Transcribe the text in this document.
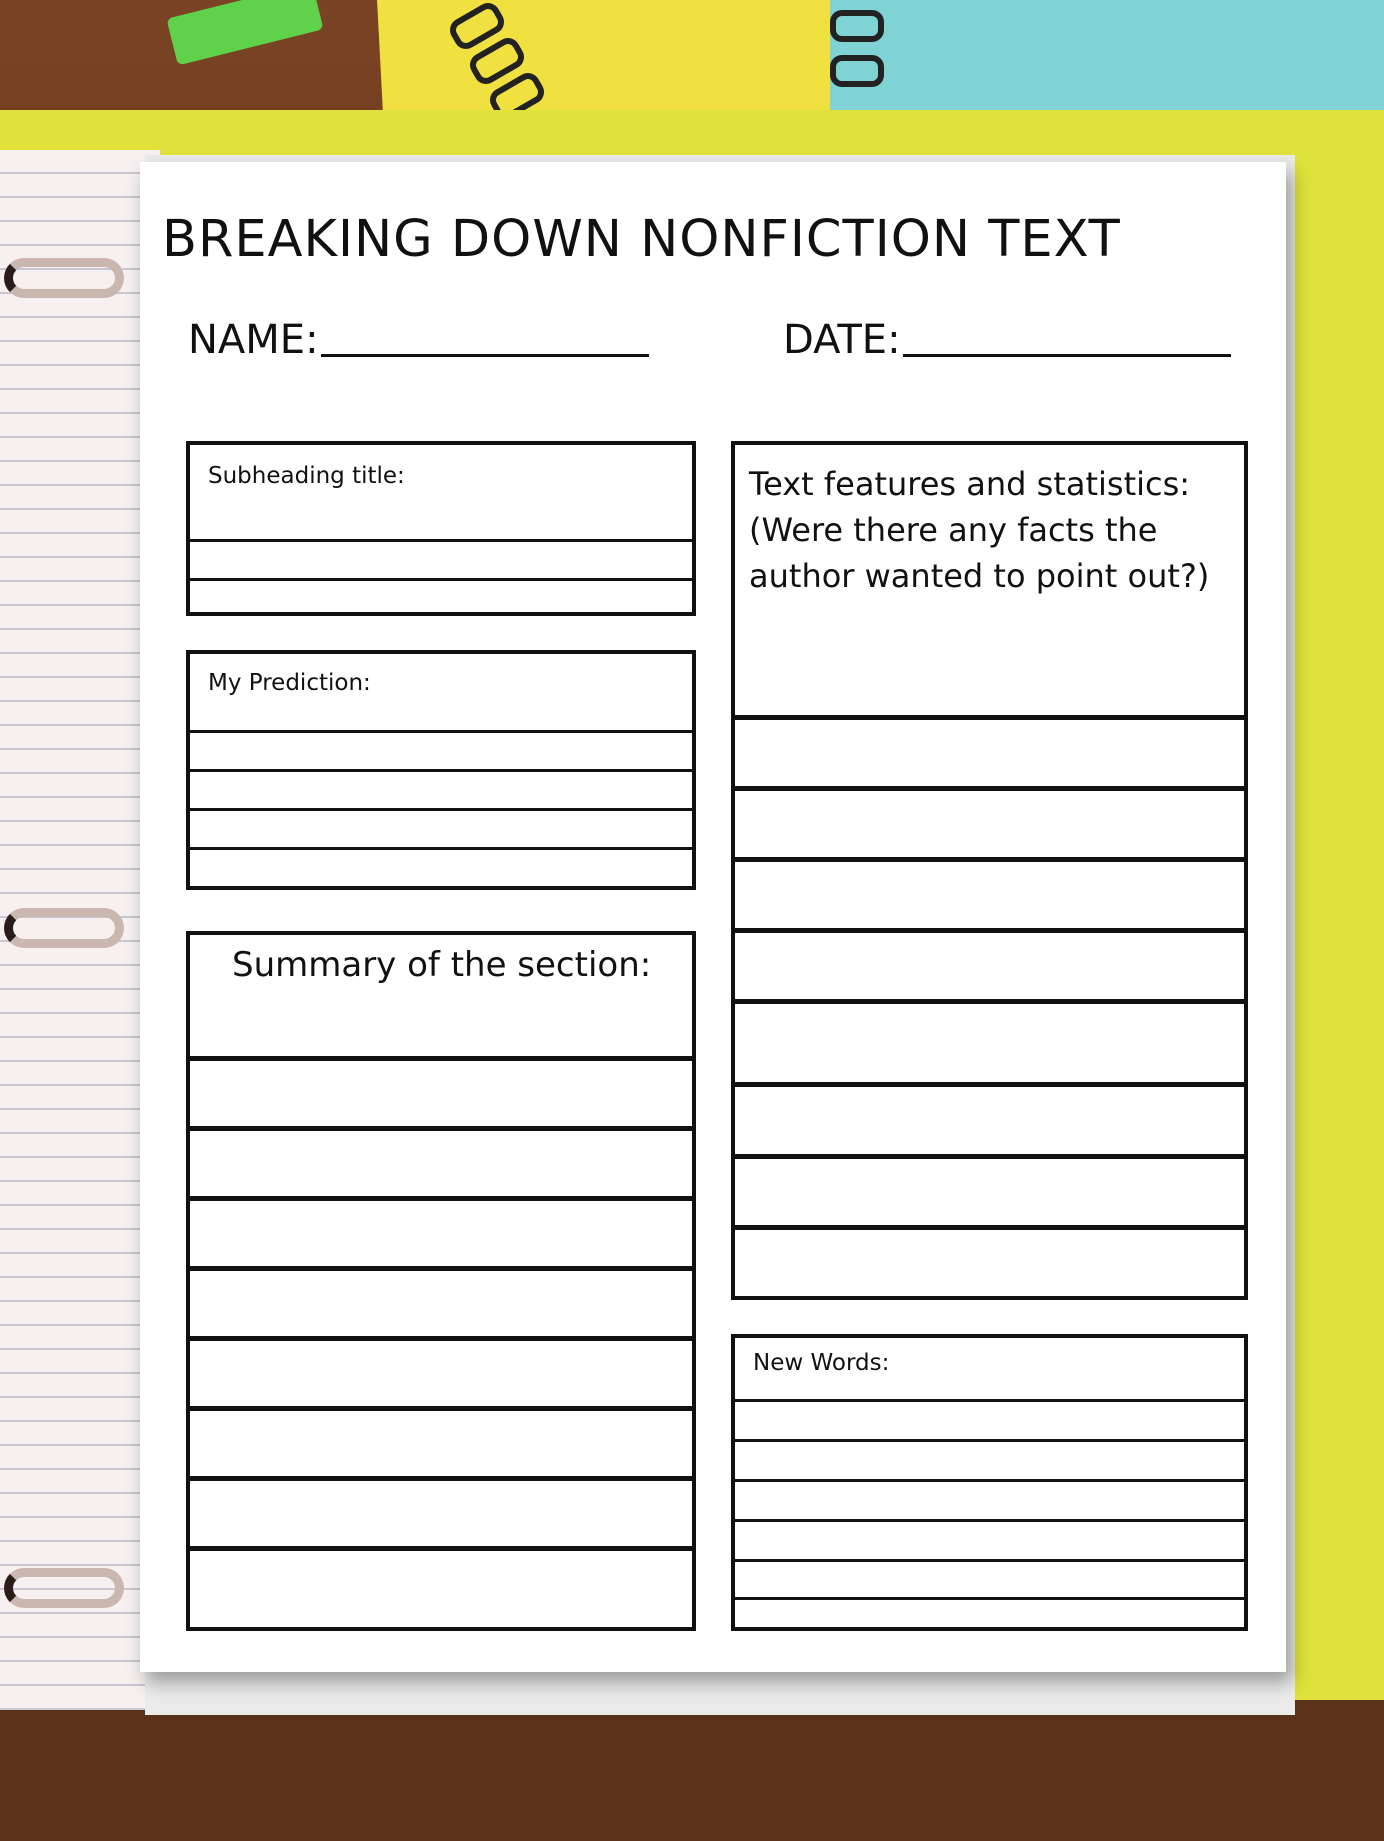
BREAKING DOWN NONFICTION TEXT
NAME:	DATE:
Subheading title:
My Prediction:
Summary of the section:
Text features and statistics:
(Were there any facts the
author wanted to point out?)
New Words:
